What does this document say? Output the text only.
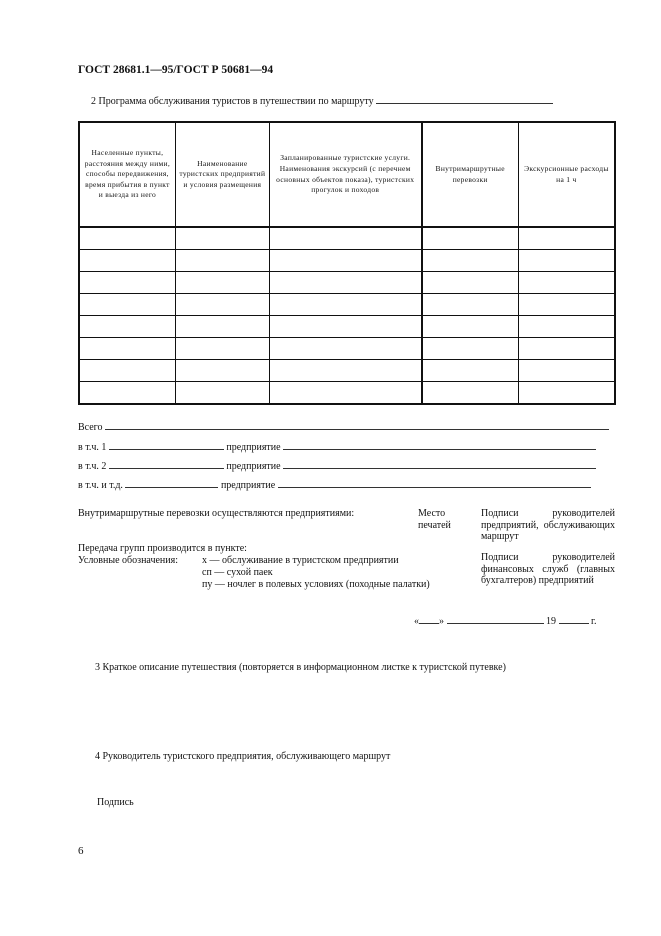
ГОСТ 28681.1—95/ГОСТ Р 50681—94
2 Программа обслуживания туристов в путешествии по маршруту
Населенные пункты, расстояния между ними, способы передвижения, время прибытия в пункт и выезда из него	Наименование туристских предприятий и условия размещения	Запланированные туристские услуги. Наименования экскурсий (с перечнем основных объектов показа), туристских прогулок и походов	Внутримаршрутные перевозки	Экскурсионные расходы на 1 ч

Всего
в т.ч. 1	предприятие
в т.ч. 2	предприятие
в т.ч. и т.д.	предприятие
Внутримаршрутные перевозки осуществляются предприятиями:	Место печатей
Подписи руководителей предприятий, обслуживающих маршрут
Передача групп производится в пункте:
Условные обозначения: х — обслуживание в туристском предприятии
сп — сухой паек
пу — ночлег в полевых условиях (походные палатки)
Подписи руководителей финансовых служб (главных бухгалтеров) предприятий
« »	19	г.
3 Краткое описание путешествия (повторяется в информационном листке к туристской путевке)
4 Руководитель туристского предприятия, обслуживающего маршрут
Подпись
6
